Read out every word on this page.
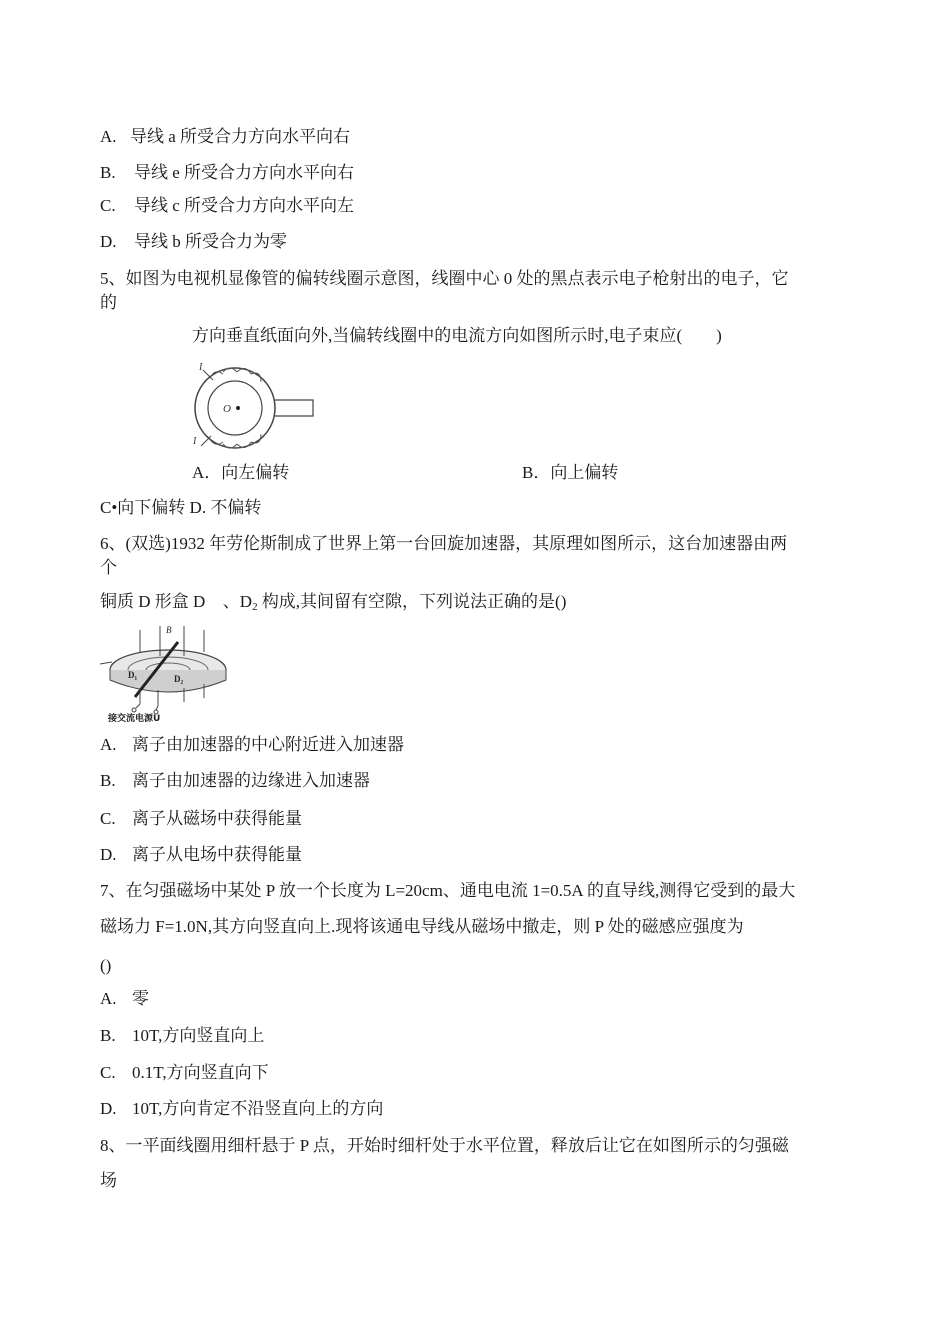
A. 导线 a 所受合力方向水平向右
B. 导线 e 所受合力方向水平向右
C. 导线 c 所受合力方向水平向左
D. 导线 b 所受合力为零
5、如图为电视机显像管的偏转线圈示意图，线圈中心 0 处的黑点表示电子枪射出的电子，它
的
方向垂直纸面向外,当偏转线圈中的电流方向如图所示时,电子束应(　　)
I
O
I
A．向左偏转	B．向上偏转
C•向下偏转 D. 不偏转
6、(双选)1932 年劳伦斯制成了世界上第一台回旋加速器，其原理如图所示，这台加速器由两
个
铜质 D 形盒 D⃨ 、D2 构成,其间留有空隙，下列说法正确的是()
B
D₁	D₂
接交流电源U
A. 离子由加速器的中心附近进入加速器
B. 离子由加速器的边缘进入加速器
C. 离子从磁场中获得能量
D. 离子从电场中获得能量
7、在匀强磁场中某处 P 放一个长度为 L=20cm、通电电流 1=0.5A 的直导线,测得它受到的最大
磁场力 F=1.0N,其方向竖直向上.现将该通电导线从磁场中撤走，则 P 处的磁感应强度为
()
A. 零
B. 10T,方向竖直向上
C. 0.1T,方向竖直向下
D. 10T,方向肯定不沿竖直向上的方向
8、一平面线圈用细杆悬于 P 点，开始时细杆处于水平位置，释放后让它在如图所示的匀强磁
场
